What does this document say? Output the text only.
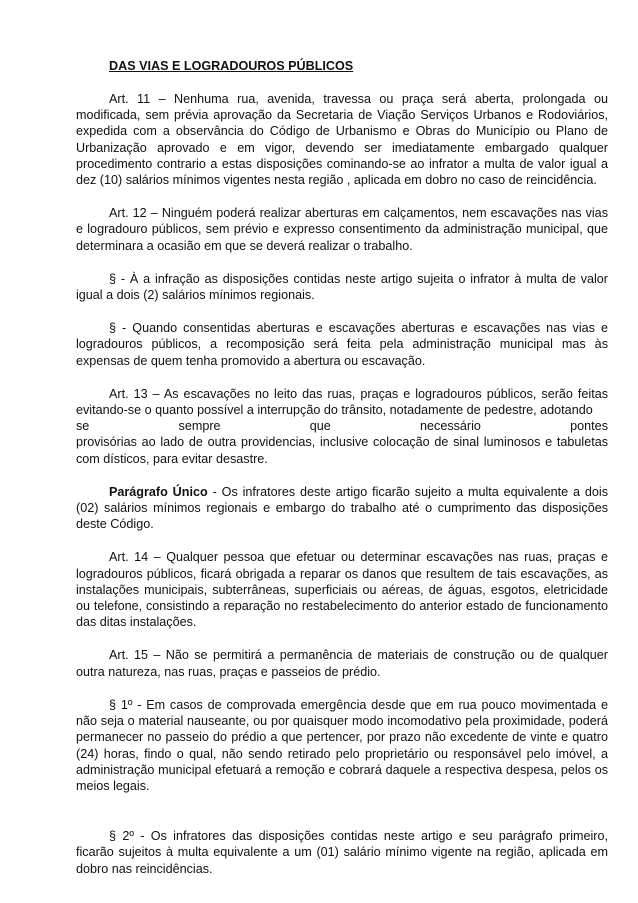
DAS VIAS E LOGRADOUROS PÚBLICOS

Art. 11 – Nenhuma rua, avenida, travessa ou praça será aberta, prolongada ou modificada, sem prévia aprovação da Secretaria de Viação Serviços Urbanos e Rodoviários, expedida com a observância do Código de Urbanismo e Obras do Município ou Plano de Urbanização aprovado e em vigor, devendo ser imediatamente embargado qualquer procedimento contrario a estas disposições cominando-se ao infrator a multa de valor igual a dez (10) salários mínimos vigentes nesta região , aplicada em dobro no caso de reincidência.

Art. 12 – Ninguém poderá realizar aberturas em calçamentos, nem escavações nas vias e logradouro públicos, sem prévio e expresso consentimento da administração municipal, que determinara a ocasião em que se deverá realizar o trabalho.

§ - À a infração as disposições contidas neste artigo sujeita o infrator à multa de valor igual a dois (2) salários mínimos regionais.

§ - Quando consentidas aberturas e escavações aberturas e escavações nas vias e logradouros públicos, a recomposição será feita pela administração municipal mas às expensas de quem tenha promovido a abertura ou escavação.

Art. 13 – As escavações no leito das ruas, praças e logradouros públicos, serão feitas evitando-se o quanto possível a interrupção do trânsito, notadamente de pedestre, adotando
se sempre que necessário pontes
provisórias ao lado de outra providencias, inclusive colocação de sinal luminosos e tabuletas com dísticos, para evitar desastre.

Parágrafo Único - Os infratores deste artigo ficarão sujeito a multa equivalente a dois (02) salários mínimos regionais e embargo do trabalho até o cumprimento das disposições deste Código.

Art. 14 – Qualquer pessoa que efetuar ou determinar escavações nas ruas, praças e logradouros públicos, ficará obrigada a reparar os danos que resultem de tais escavações, as instalações municipais, subterrâneas, superficiais ou aéreas, de águas, esgotos, eletricidade ou telefone, consistindo a reparação no restabelecimento do anterior estado de funcionamento das ditas instalações.

Art. 15 – Não se permitirá a permanência de materiais de construção ou de qualquer outra natureza, nas ruas, praças e passeios de prédio.

§ 1º - Em casos de comprovada emergência desde que em rua pouco movimentada e não seja o material nauseante, ou por quaisquer modo incomodativo pela proximidade, poderá permanecer no passeio do prédio a que pertencer, por prazo não excedente de vinte e quatro (24) horas, findo o qual, não sendo retirado pelo proprietário ou responsável pelo imóvel, a administração municipal efetuará a remoção e cobrará daquele a respectiva despesa, pelos os meios legais.

§ 2º - Os infratores das disposições contidas neste artigo e seu parágrafo primeiro, ficarão sujeitos à multa equivalente a um (01) salário mínimo vigente na região, aplicada em dobro nas reincidências.
